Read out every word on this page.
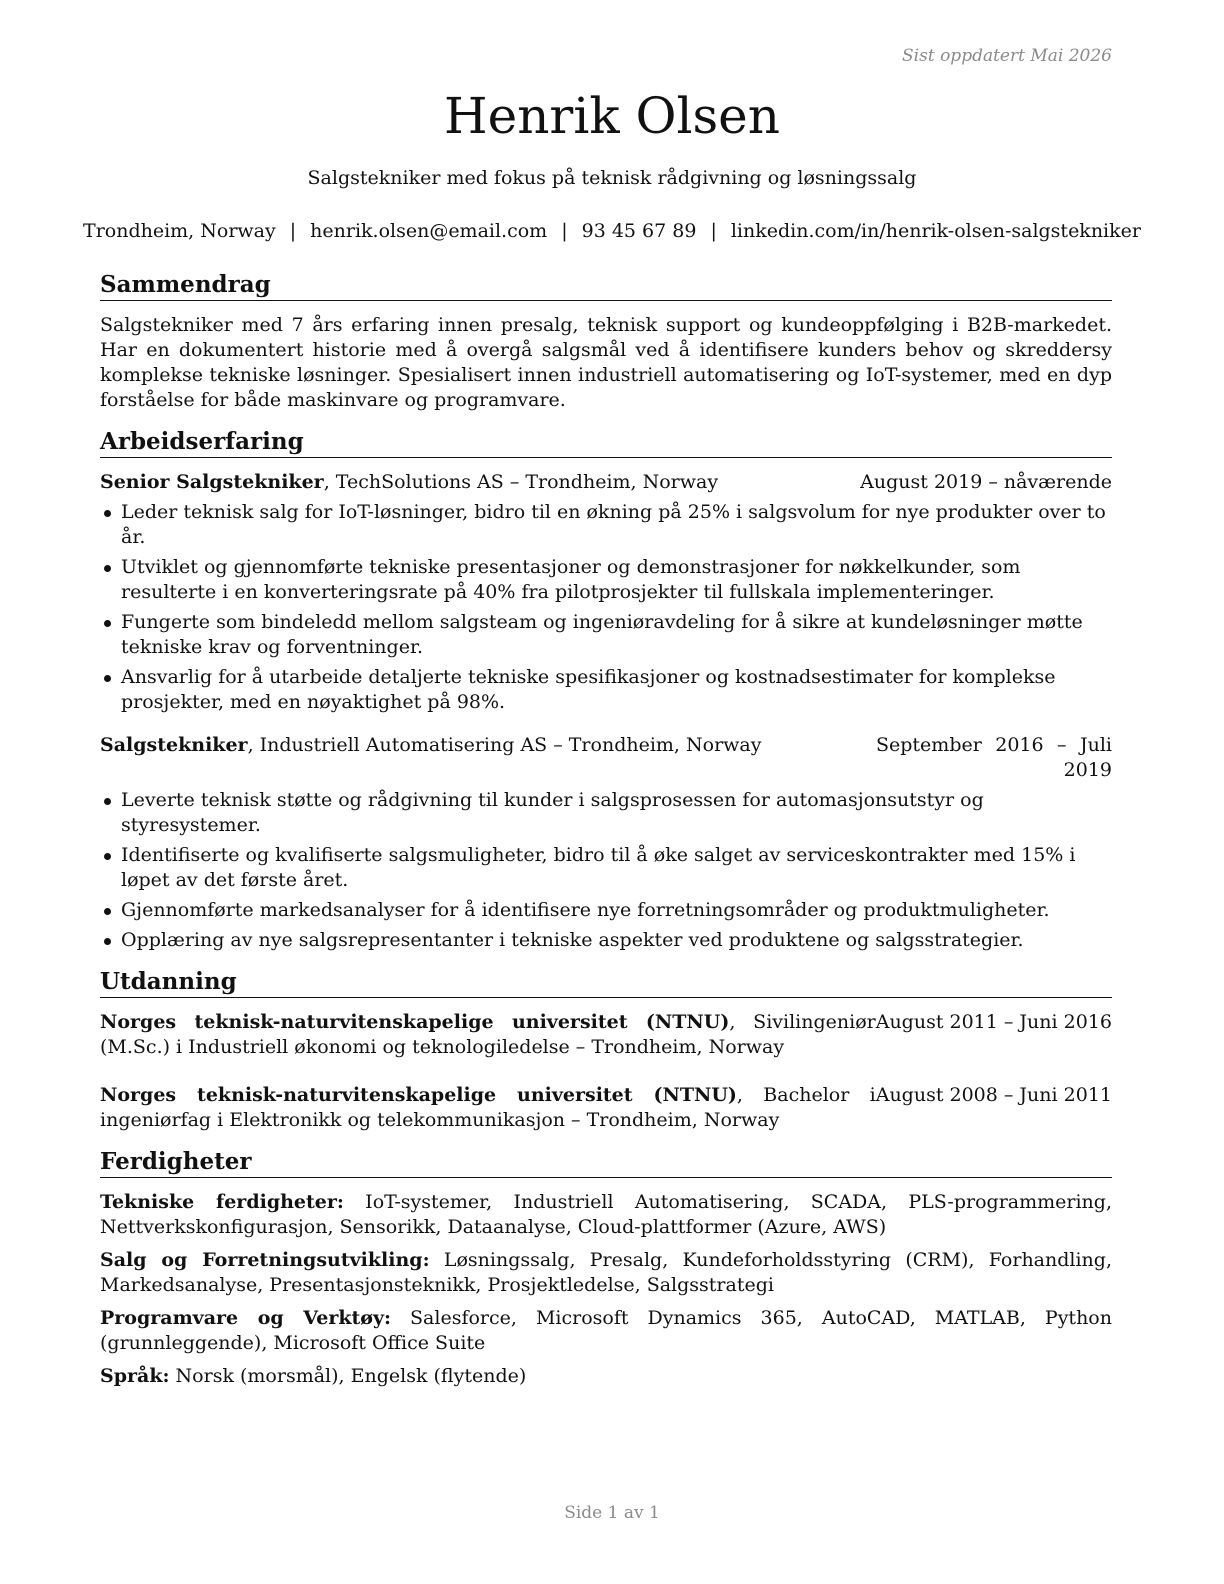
Sist oppdatert Mai 2026
Henrik Olsen
Salgstekniker med fokus på teknisk rådgivning og løsningssalg
Trondheim, Norway | henrik.olsen@email.com | 93 45 67 89 | linkedin.com/in/henrik-olsen-salgstekniker
Sammendrag

Salgstekniker med 7 års erfaring innen presalg, teknisk support og kundeoppfølging i B2B-markedet. Har en dokumentert historie med å overgå salgsmål ved å identifisere kunders behov og skreddersy komplekse tekniske løsninger. Spesialisert innen industriell automatisering og IoT-systemer, med en dyp forståelse for både maskinvare og programvare.

Arbeidserfaring
Senior Salgstekniker, TechSolutions AS – Trondheim, Norway	August 2019 – nåværende
Leder teknisk salg for IoT-løsninger, bidro til en økning på 25% i salgsvolum for nye produkter over to år.
Utviklet og gjennomførte tekniske presentasjoner og demonstrasjoner for nøkkelkunder, som resulterte i en konverteringsrate på 40% fra pilotprosjekter til fullskala implementeringer.
Fungerte som bindeledd mellom salgsteam og ingeniøravdeling for å sikre at kundeløsninger møtte tekniske krav og forventninger.
Ansvarlig for å utarbeide detaljerte tekniske spesifikasjoner og kostnadsestimater for komplekse prosjekter, med en nøyaktighet på 98%.
Salgstekniker, Industriell Automatisering AS – Trondheim, Norway	September 2016 – Juli 2019
Leverte teknisk støtte og rådgivning til kunder i salgsprosessen for automasjonsutstyr og styresystemer.
Identifiserte og kvalifiserte salgsmuligheter, bidro til å øke salget av serviceskontrakter med 15% i løpet av det første året.
Gjennomførte markedsanalyser for å identifisere nye forretningsområder og produktmuligheter.
Opplæring av nye salgsrepresentanter i tekniske aspekter ved produktene og salgsstrategier.
Utdanning
Norges teknisk-naturvitenskapelige universitet (NTNU), Sivilingeniør (M.Sc.) i Industriell økonomi og teknologiledelse – Trondheim, Norway
August 2011 – Juni 2016
Norges teknisk-naturvitenskapelige universitet (NTNU), Bachelor i ingeniørfag i Elektronikk og telekommunikasjon – Trondheim, Norway
August 2008 – Juni 2011
Ferdigheter

Tekniske ferdigheter: IoT-systemer, Industriell Automatisering, SCADA, PLS-programmering, Nettverkskonfigurasjon, Sensorikk, Dataanalyse, Cloud-plattformer (Azure, AWS)

Salg og Forretningsutvikling: Løsningssalg, Presalg, Kundeforholdsstyring (CRM), Forhandling, Markedsanalyse, Presentasjonsteknikk, Prosjektledelse, Salgsstrategi

Programvare og Verktøy: Salesforce, Microsoft Dynamics 365, AutoCAD, MATLAB, Python (grunnleggende), Microsoft Office Suite

Språk: Norsk (morsmål), Engelsk (flytende)

Side 1 av 1
